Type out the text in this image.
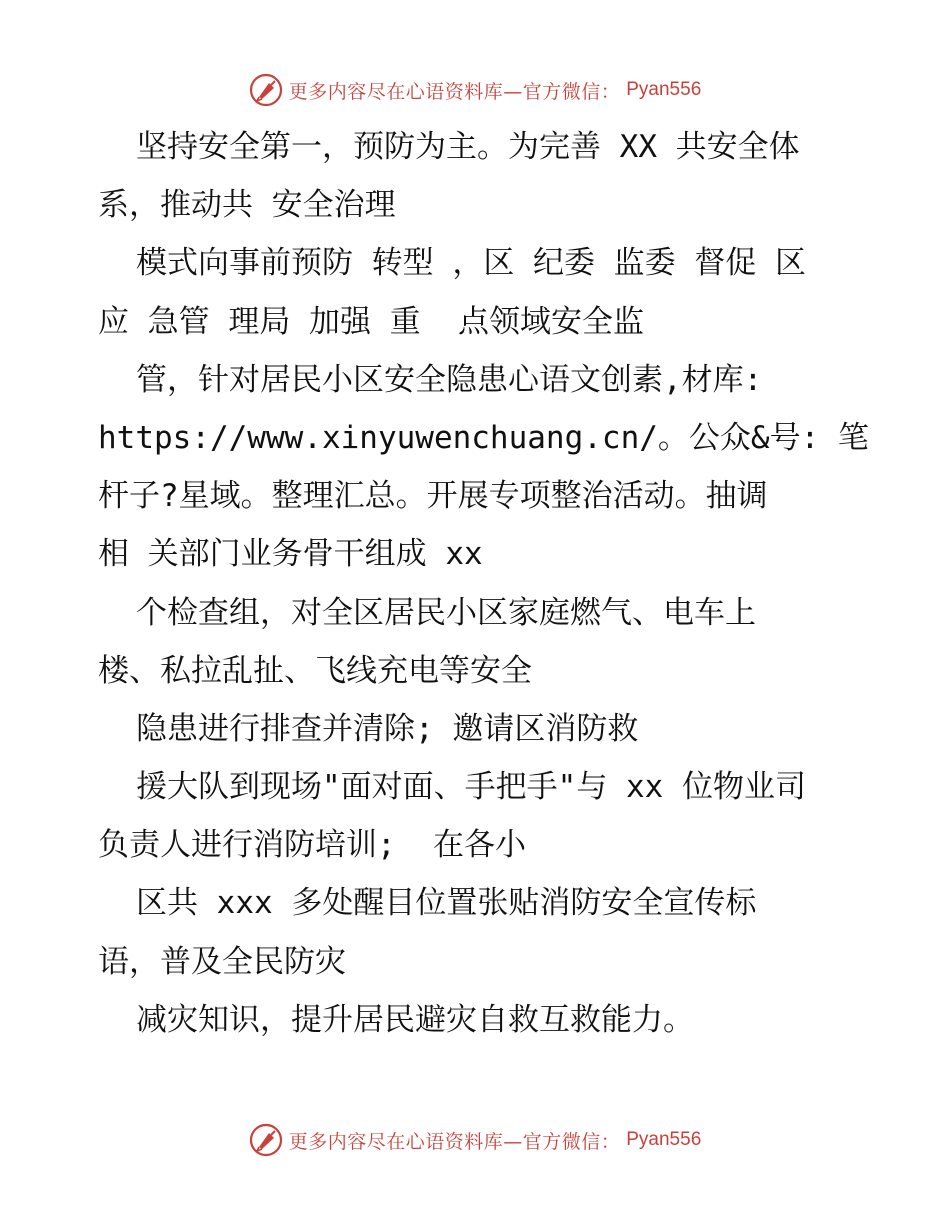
更多内容尽在心语资料库—官方微信： Pyan556
坚持安全第一，预防为主。为完善 XX 共安全体
系，推动共 安全治理
模式向事前预防 转型 ，区 纪委 监委 督促 区
应 急管 理局 加强 重  点领域安全监
管，针对居民小区安全隐患心语文创素,材库:
https://www.xinyuwenchuang.cn/。公众&号: 笔
杆子?星域。整理汇总。开展专项整治活动。抽调
相 关部门业务骨干组成 xx
个检查组，对全区居民小区家庭燃气、电车上
楼、私拉乱扯、飞线充电等安全
隐患进行排查并清除; 邀请区消防救
援大队到现场"面对面、手把手"与 xx 位物业司
负责人进行消防培训;  在各小
区共 xxx 多处醒目位置张贴消防安全宣传标
语，普及全民防灾
减灾知识，提升居民避灾自救互救能力。
更多内容尽在心语资料库—官方微信： Pyan556
